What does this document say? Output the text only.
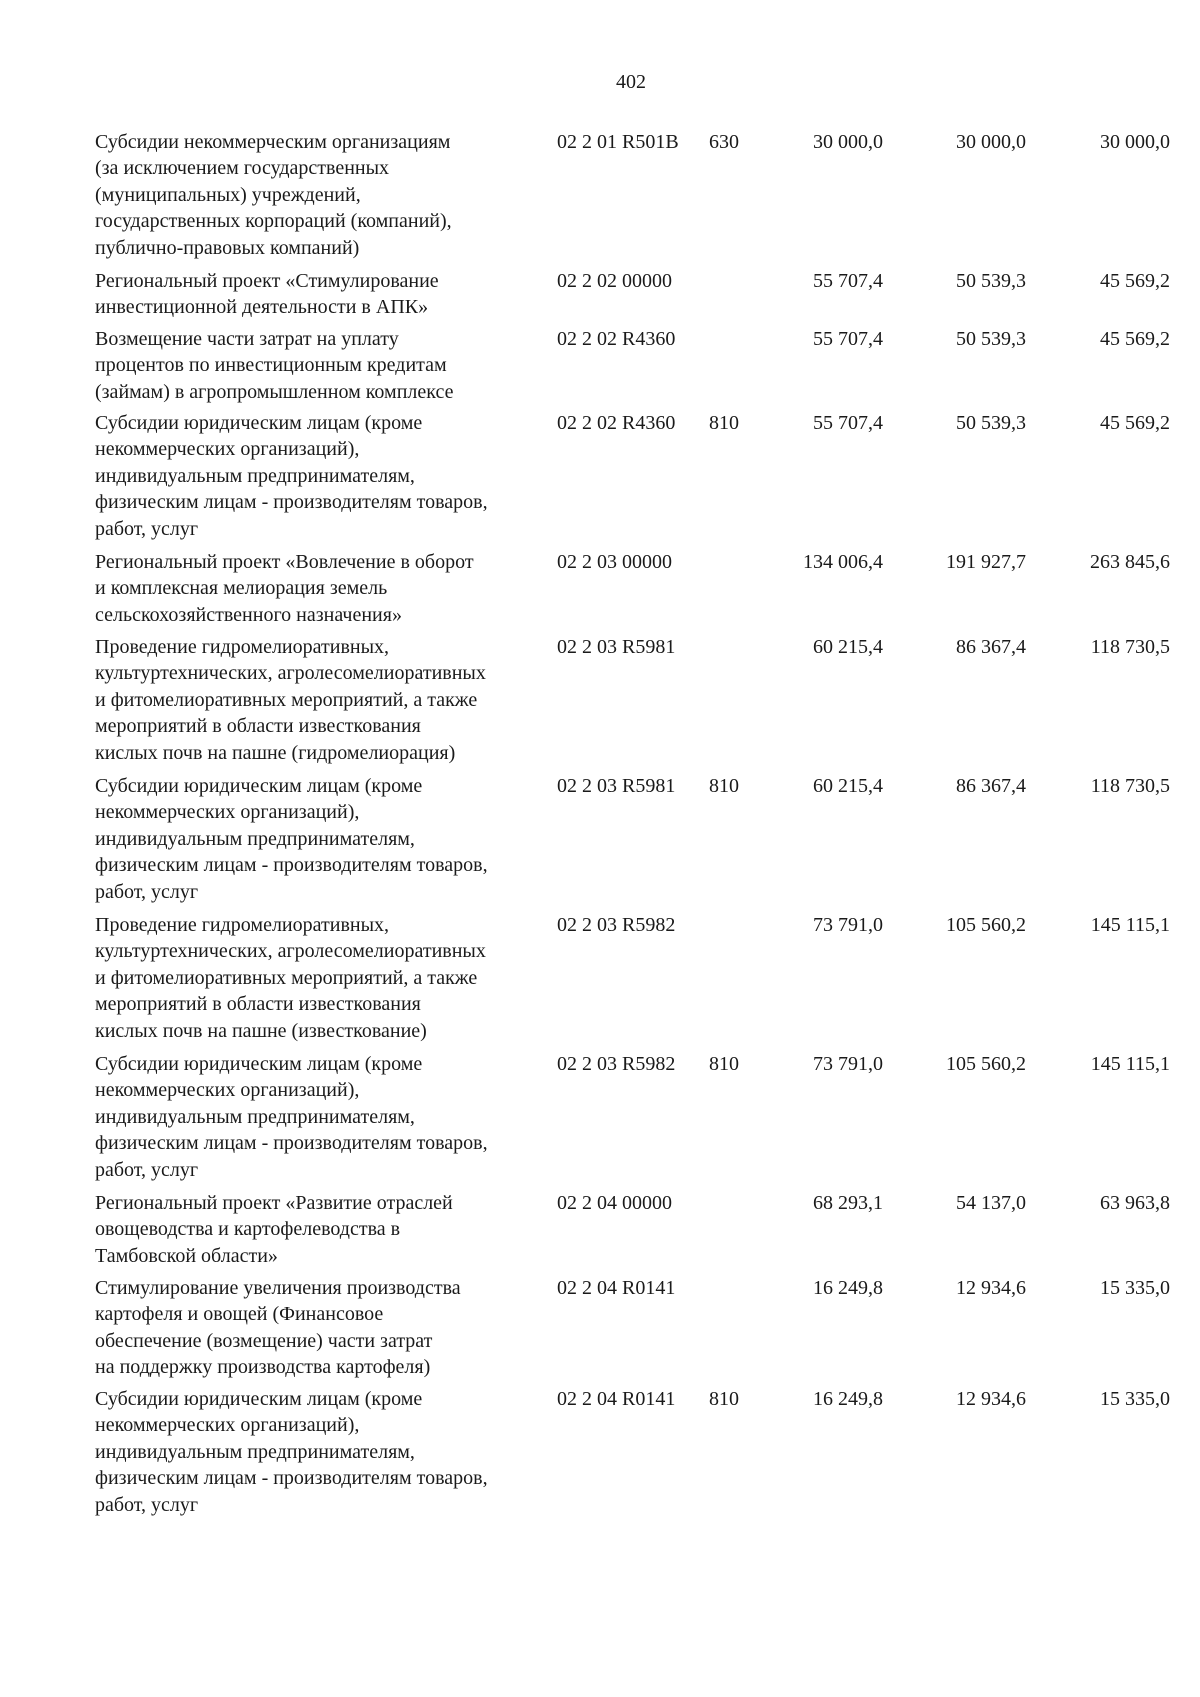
402
Субсидии некоммерческим организациям
(за исключением государственных
(муниципальных) учреждений,
государственных корпораций (компаний),
публично-правовых компаний)
02 2 01 R501B 630	30 000,0	30 000,0	30 000,0
Региональный проект «Стимулирование
инвестиционной деятельности в АПК»
02 2 02 00000	55 707,4	50 539,3	45 569,2
Возмещение части затрат на уплату
процентов по инвестиционным кредитам
(займам) в агропромышленном комплексе
02 2 02 R4360	55 707,4	50 539,3	45 569,2
Субсидии юридическим лицам (кроме
некоммерческих организаций),
индивидуальным предпринимателям,
физическим лицам - производителям товаров,
работ, услуг
02 2 02 R4360 810	55 707,4	50 539,3	45 569,2
Региональный проект «Вовлечение в оборот
и комплексная мелиорация земель
сельскохозяйственного назначения»
02 2 03 00000	134 006,4	191 927,7	263 845,6
Проведение гидромелиоративных,
культуртехнических, агролесомелиоративных
и фитомелиоративных мероприятий, а также
мероприятий в области известкования
кислых почв на пашне (гидромелиорация)
02 2 03 R5981	60 215,4	86 367,4	118 730,5
Субсидии юридическим лицам (кроме
некоммерческих организаций),
индивидуальным предпринимателям,
физическим лицам - производителям товаров,
работ, услуг
02 2 03 R5981 810	60 215,4	86 367,4	118 730,5
Проведение гидромелиоративных,
культуртехнических, агролесомелиоративных
и фитомелиоративных мероприятий, а также
мероприятий в области известкования
кислых почв на пашне (известкование)
02 2 03 R5982	73 791,0	105 560,2	145 115,1
Субсидии юридическим лицам (кроме
некоммерческих организаций),
индивидуальным предпринимателям,
физическим лицам - производителям товаров,
работ, услуг
02 2 03 R5982 810	73 791,0	105 560,2	145 115,1
Региональный проект «Развитие отраслей
овощеводства и картофелеводства в
Тамбовской области»
02 2 04 00000	68 293,1	54 137,0	63 963,8
Стимулирование увеличения производства
картофеля и овощей (Финансовое
обеспечение (возмещение) части затрат
на поддержку производства картофеля)
02 2 04 R0141	16 249,8	12 934,6	15 335,0
Субсидии юридическим лицам (кроме
некоммерческих организаций),
индивидуальным предпринимателям,
физическим лицам - производителям товаров,
работ, услуг
02 2 04 R0141 810	16 249,8	12 934,6	15 335,0
